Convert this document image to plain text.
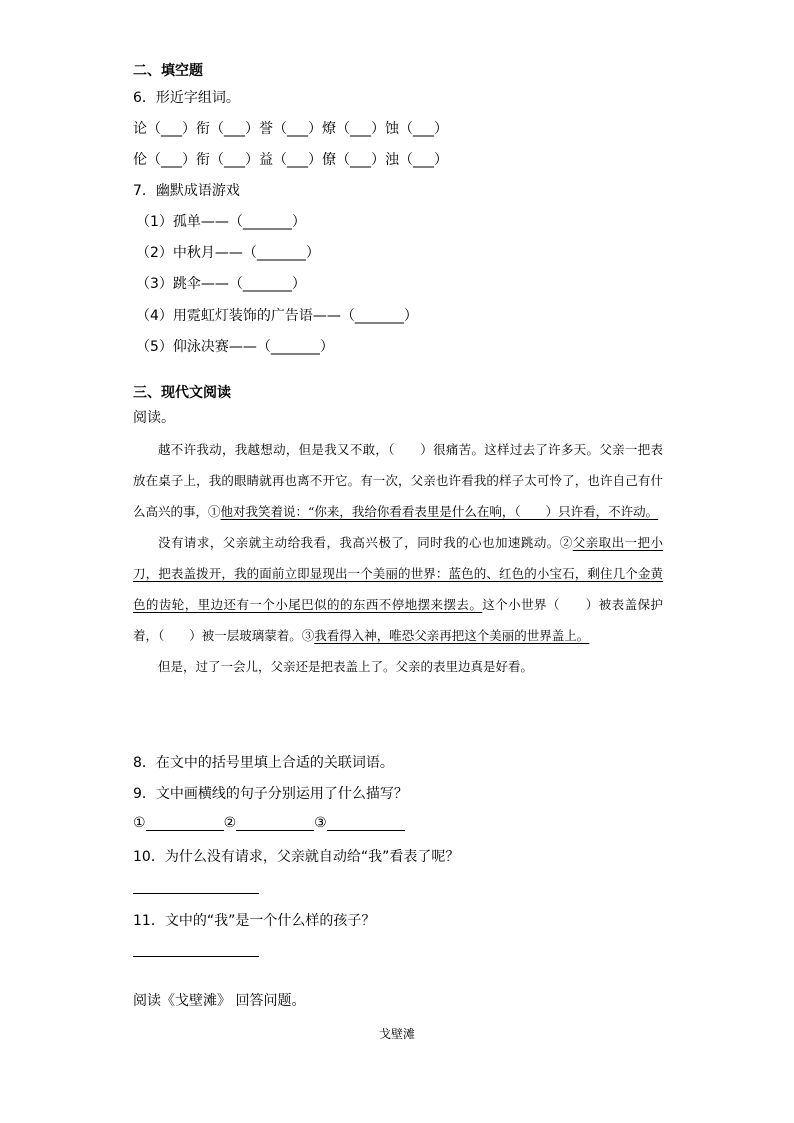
二、填空题
6．形近字组词。
论（___）衔（___）誉（___）燎（___）蚀（___）
伦（___）衔（___）益（___）僚（___）浊（___）
7．幽默成语游戏
（1）孤单——（_______）
（2）中秋月——（_______）
（3）跳伞——（_______）
（4）用霓虹灯装饰的广告语——（_______）
（5）仰泳决赛——（_______）
三、现代文阅读
阅读。

越不许我动，我越想动，但是我又不敢，（　　）很痛苦。这样过去了许多天。父亲一把表放在桌子上，我的眼睛就再也离不开它。有一次，父亲也许看我的样子太可怜了，也许自己有什么高兴的事，①他对我笑着说：“你来，我给你看看表里是什么在响，（　　）只许看，不许动。

没有请求，父亲就主动给我看，我高兴极了，同时我的心也加速跳动。②父亲取出一把小刀，把表盖拨开，我的面前立即显现出一个美丽的世界：蓝色的、红色的小宝石，剩住几个金黄色的齿轮，里边还有一个小尾巴似的的东西不停地摆来摆去。这个小世界（　　）被表盖保护着，（　　）被一层玻璃蒙着。③我看得入神，唯恐父亲再把这个美丽的世界盖上。

但是，过了一会儿，父亲还是把表盖上了。父亲的表里边真是好看。

8．在文中的括号里填上合适的关联词语。
9．文中画横线的句子分别运用了什么描写？
①	②	③
10．为什么没有请求，父亲就自动给“我”看表了呢？
11．文中的“我”是一个什么样的孩子？
阅读《戈壁滩》 回答问题。
戈壁滩
